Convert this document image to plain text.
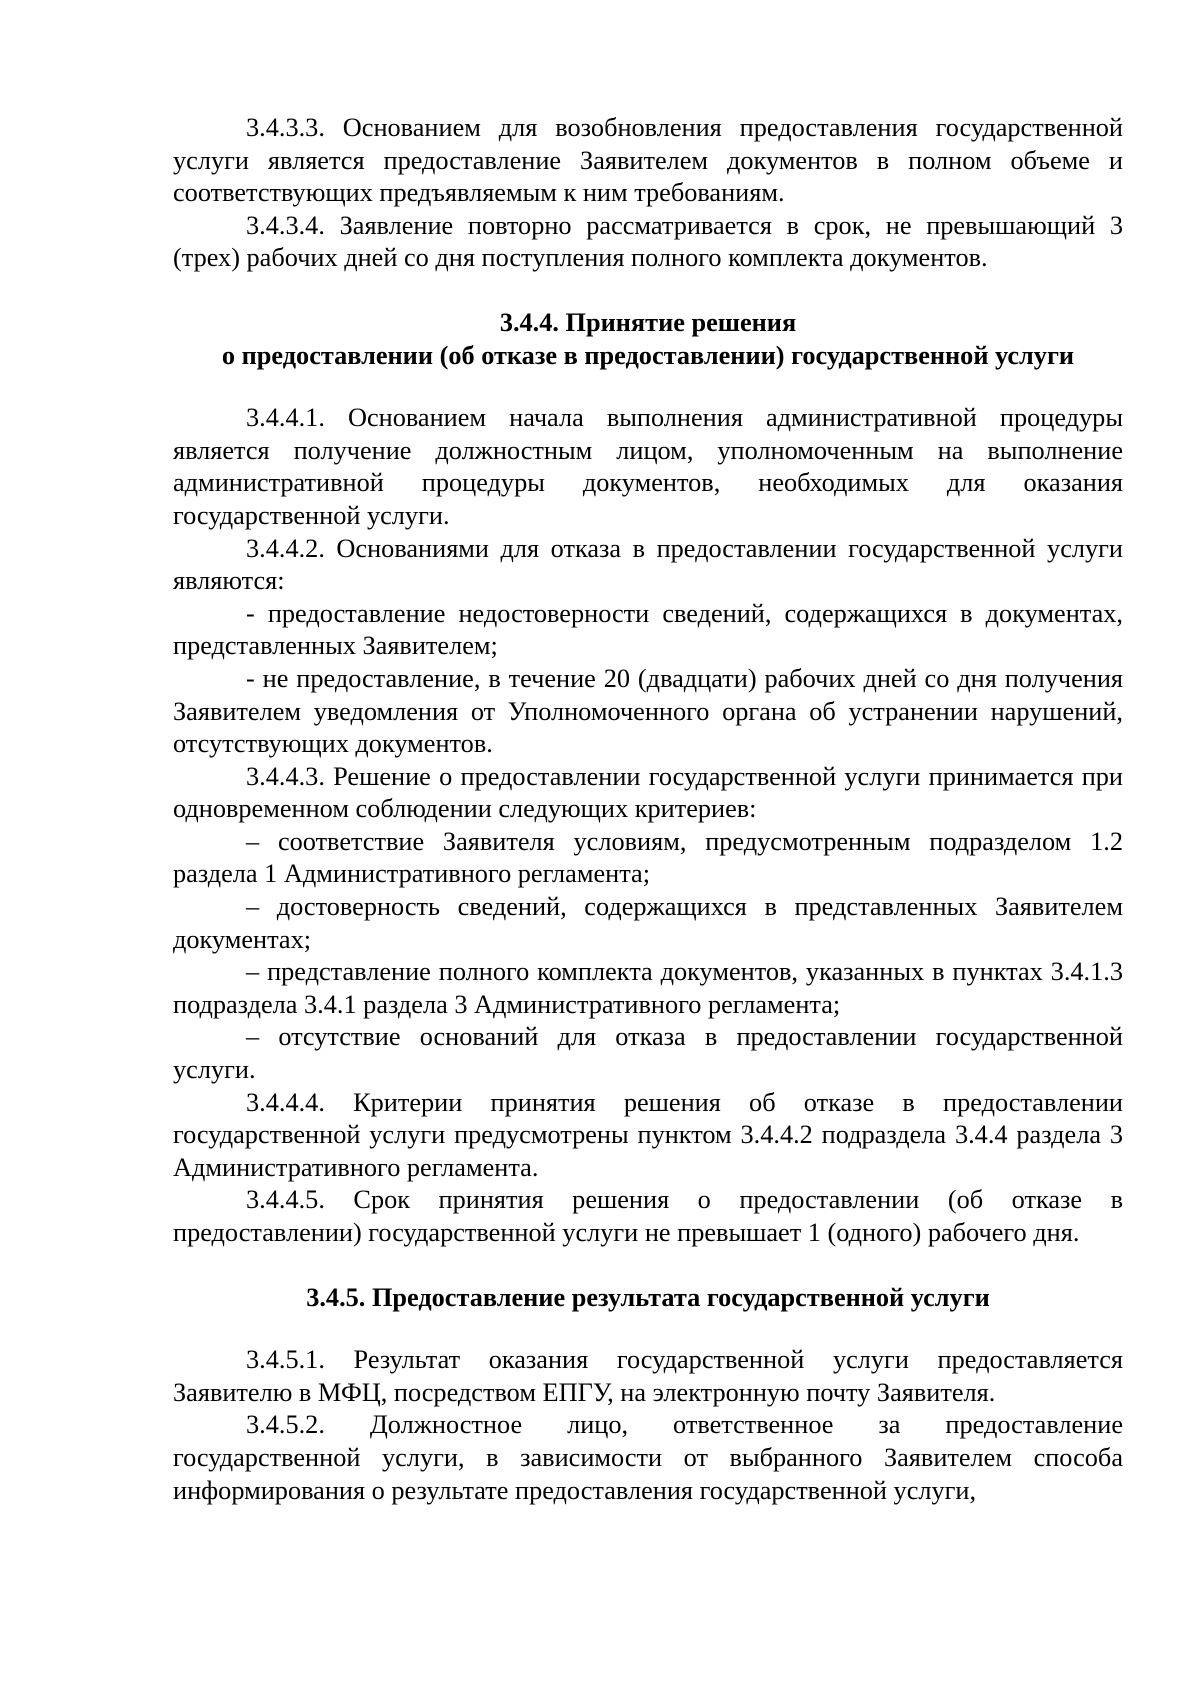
3.4.3.3. Основанием для возобновления предоставления государственной услуги является предоставление Заявителем документов в полном объеме и соответствующих предъявляемым к ним требованиям.

3.4.3.4. Заявление повторно рассматривается в срок, не превышающий 3 (трех) рабочих дней со дня поступления полного комплекта документов.

3.4.4. Принятие решения

о предоставлении (об отказе в предоставлении) государственной услуги

3.4.4.1. Основанием начала выполнения административной процедуры является получение должностным лицом, уполномоченным на выполнение административной процедуры документов, необходимых для оказания государственной услуги.

3.4.4.2. Основаниями для отказа в предоставлении государственной услуги являются:

- предоставление недостоверности сведений, содержащихся в документах, представленных Заявителем;

- не предоставление, в течение 20 (двадцати) рабочих дней со дня получения Заявителем уведомления от Уполномоченного органа об устранении нарушений, отсутствующих документов.

3.4.4.3. Решение о предоставлении государственной услуги принимается при одновременном соблюдении следующих критериев:

– соответствие Заявителя условиям, предусмотренным подразделом 1.2 раздела 1 Административного регламента;

– достоверность сведений, содержащихся в представленных Заявителем документах;

– представление полного комплекта документов, указанных в пунктах 3.4.1.3 подраздела 3.4.1 раздела 3 Административного регламента;

– отсутствие оснований для отказа в предоставлении государственной услуги.

3.4.4.4. Критерии принятия решения об отказе в предоставлении государственной услуги предусмотрены пунктом 3.4.4.2 подраздела 3.4.4 раздела 3 Административного регламента.

3.4.4.5. Срок принятия решения о предоставлении (об отказе в предоставлении) государственной услуги не превышает 1 (одного) рабочего дня.

3.4.5. Предоставление результата государственной услуги

3.4.5.1. Результат оказания государственной услуги предоставляется Заявителю в МФЦ, посредством ЕПГУ, на электронную почту Заявителя.

3.4.5.2. Должностное лицо, ответственное за предоставление государственной услуги, в зависимости от выбранного Заявителем способа информирования о результате предоставления государственной услуги,
